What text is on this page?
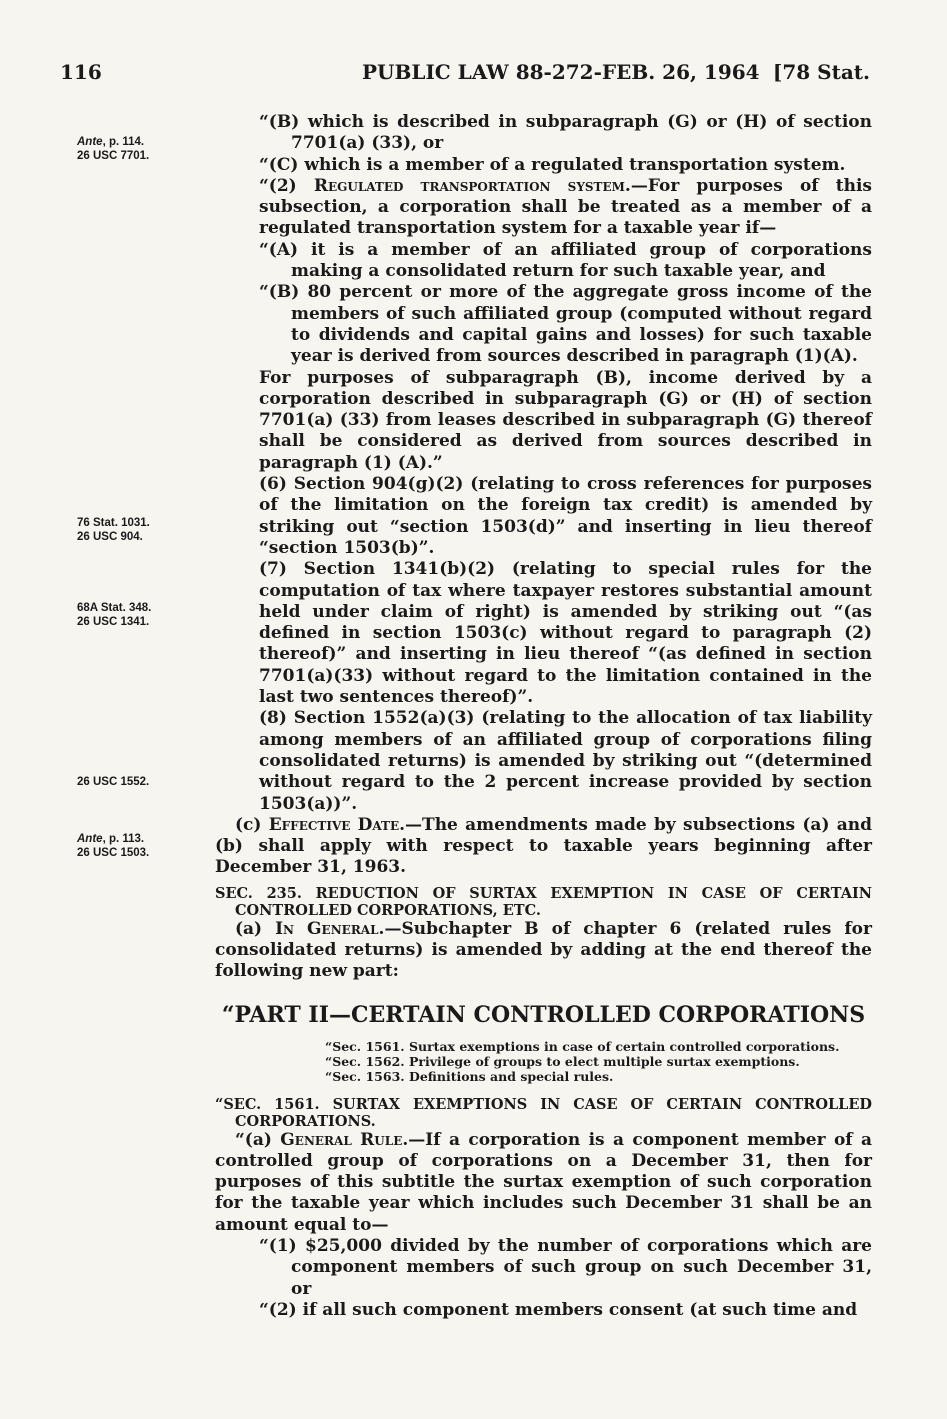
116	PUBLIC LAW 88-272-FEB. 26, 1964 [78 Stat.
Ante, p. 114.
26 USC 7701.
76 Stat. 1031.
26 USC 904.
68A Stat. 348.
26 USC 1341.
26 USC 1552.
Ante, p. 113.
26 USC 1503.

“(B) which is described in subparagraph (G) or (H) of section 7701(a) (33), or

“(C) which is a member of a regulated transportation system.

“(2) Regulated transportation system.—For purposes of this subsection, a corporation shall be treated as a member of a regulated transportation system for a taxable year if—

“(A) it is a member of an affiliated group of corporations making a consolidated return for such taxable year, and

“(B) 80 percent or more of the aggregate gross income of the members of such affiliated group (computed without regard to dividends and capital gains and losses) for such taxable year is derived from sources described in paragraph (1)(A).

For purposes of subparagraph (B), income derived by a corporation described in subparagraph (G) or (H) of section 7701(a) (33) from leases described in subparagraph (G) thereof shall be considered as derived from sources described in paragraph (1) (A).”

(6) Section 904(g)(2) (relating to cross references for purposes of the limitation on the foreign tax credit) is amended by striking out “section 1503(d)” and inserting in lieu thereof “section 1503(b)”.

(7) Section 1341(b)(2) (relating to special rules for the computation of tax where taxpayer restores substantial amount held under claim of right) is amended by striking out “(as defined in section 1503(c) without regard to paragraph (2) thereof)” and inserting in lieu thereof “(as defined in section 7701(a)(33) without regard to the limitation contained in the last two sentences thereof)”.

(8) Section 1552(a)(3) (relating to the allocation of tax liability among members of an affiliated group of corporations filing consolidated returns) is amended by striking out “(determined without regard to the 2 percent increase provided by section 1503(a))”.

(c) Effective Date.—The amendments made by subsections (a) and (b) shall apply with respect to taxable years beginning after December 31, 1963.

SEC. 235. REDUCTION OF SURTAX EXEMPTION IN CASE OF CERTAIN CONTROLLED CORPORATIONS, ETC.

(a) In General.—Subchapter B of chapter 6 (related rules for consolidated returns) is amended by adding at the end thereof the following new part:

“PART II—CERTAIN CONTROLLED CORPORATIONS

“Sec. 1561. Surtax exemptions in case of certain controlled corporations.
“Sec. 1562. Privilege of groups to elect multiple surtax exemptions.
“Sec. 1563. Definitions and special rules.

“SEC. 1561. SURTAX EXEMPTIONS IN CASE OF CERTAIN CONTROLLED CORPORATIONS.

“(a) General Rule.—If a corporation is a component member of a controlled group of corporations on a December 31, then for purposes of this subtitle the surtax exemption of such corporation for the taxable year which includes such December 31 shall be an amount equal to—

“(1) $25,000 divided by the number of corporations which are component members of such group on such December 31, or

“(2) if all such component members consent (at such time and
